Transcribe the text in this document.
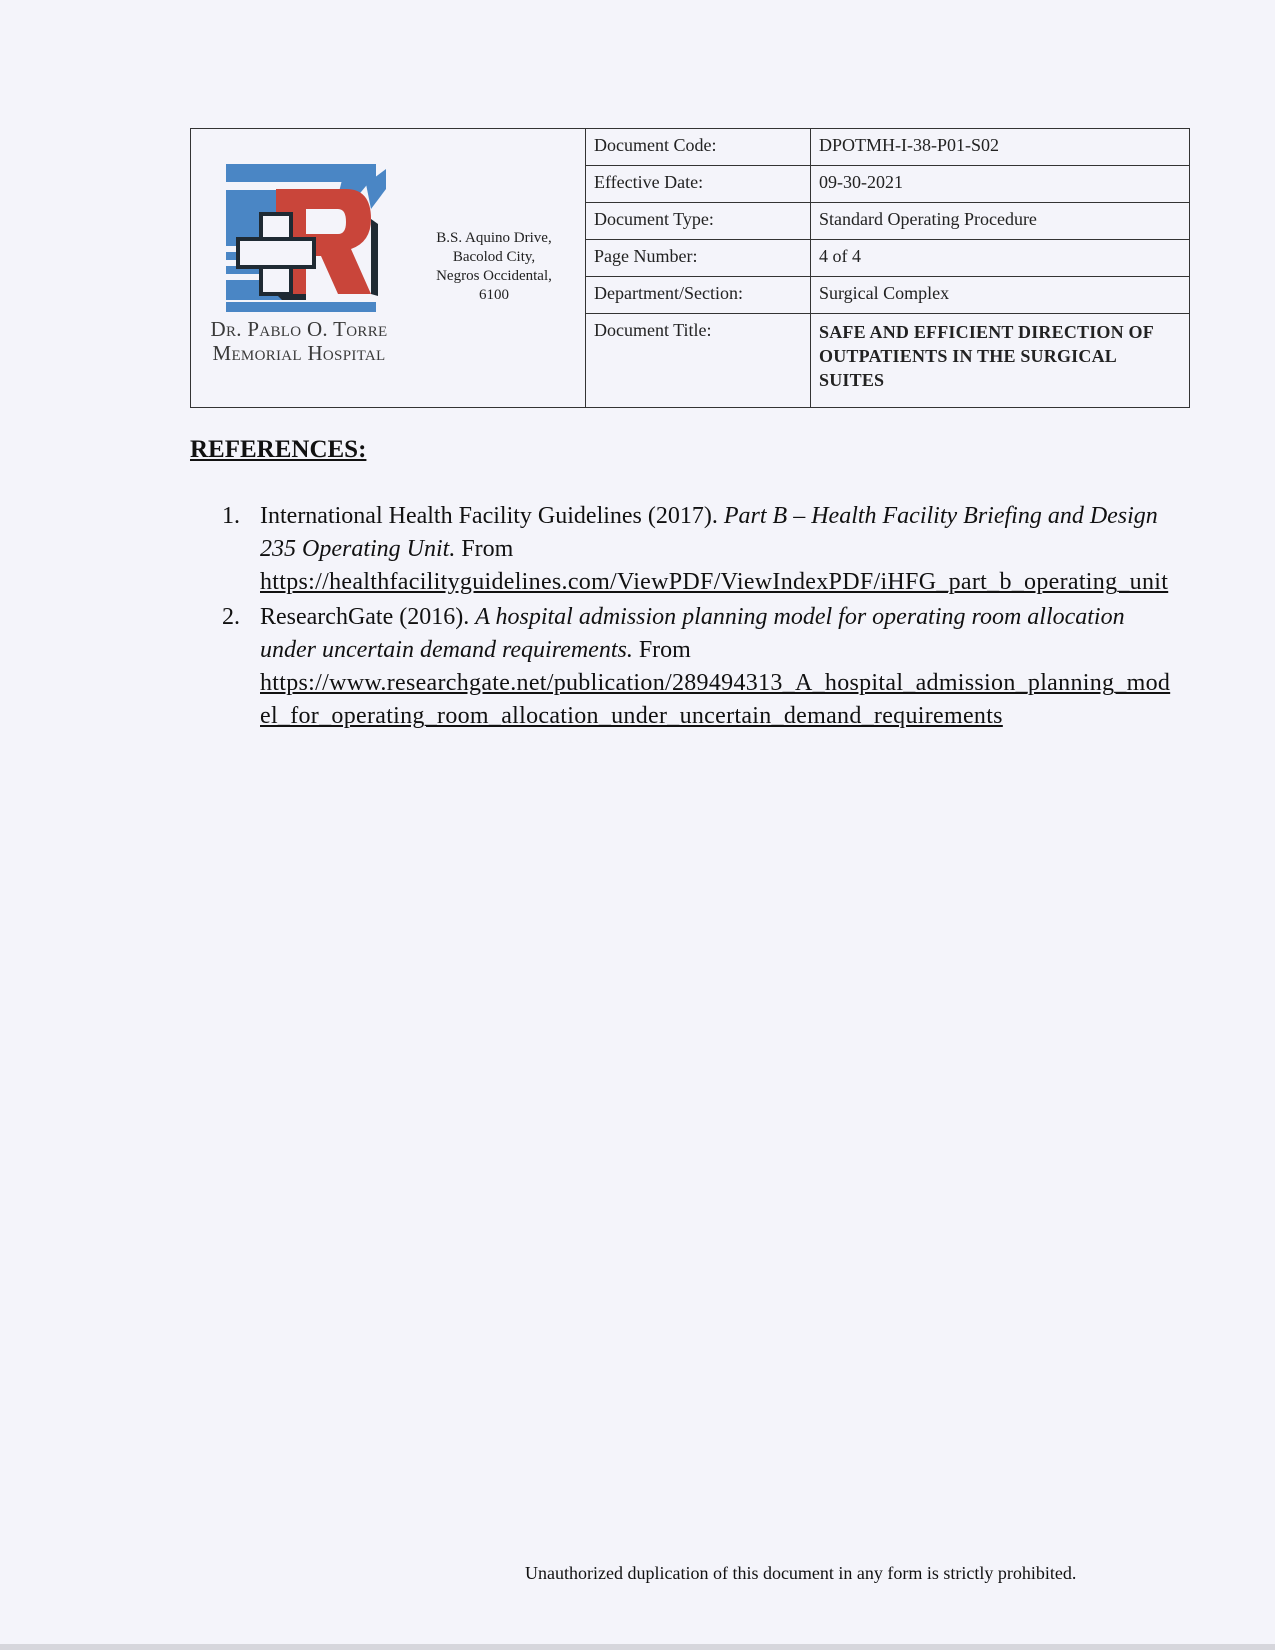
Dr. Pablo O. Torre
Memorial Hospital
B.S. Aquino Drive,
Bacolod City,
Negros Occidental,
6100
Document Code:	DPOTMH-I-38-P01-S02
Effective Date:	09-30-2021
Document Type:	Standard Operating Procedure
Page Number:	4 of 4
Department/Section:	Surgical Complex
Document Title:	SAFE AND EFFICIENT DIRECTION OF OUTPATIENTS IN THE SURGICAL SUITES
REFERENCES:
1. International Health Facility Guidelines (2017). Part B – Health Facility Briefing and Design 235 Operating Unit. From
https://healthfacilityguidelines.com/ViewPDF/ViewIndexPDF/iHFG_part_b_operating_unit
2. ResearchGate (2016). A hospital admission planning model for operating room allocation under uncertain demand requirements. From
https://www.researchgate.net/publication/289494313_A_hospital_admission_planning_model_for_operating_room_allocation_under_uncertain_demand_requirements
Unauthorized duplication of this document in any form is strictly prohibited.
